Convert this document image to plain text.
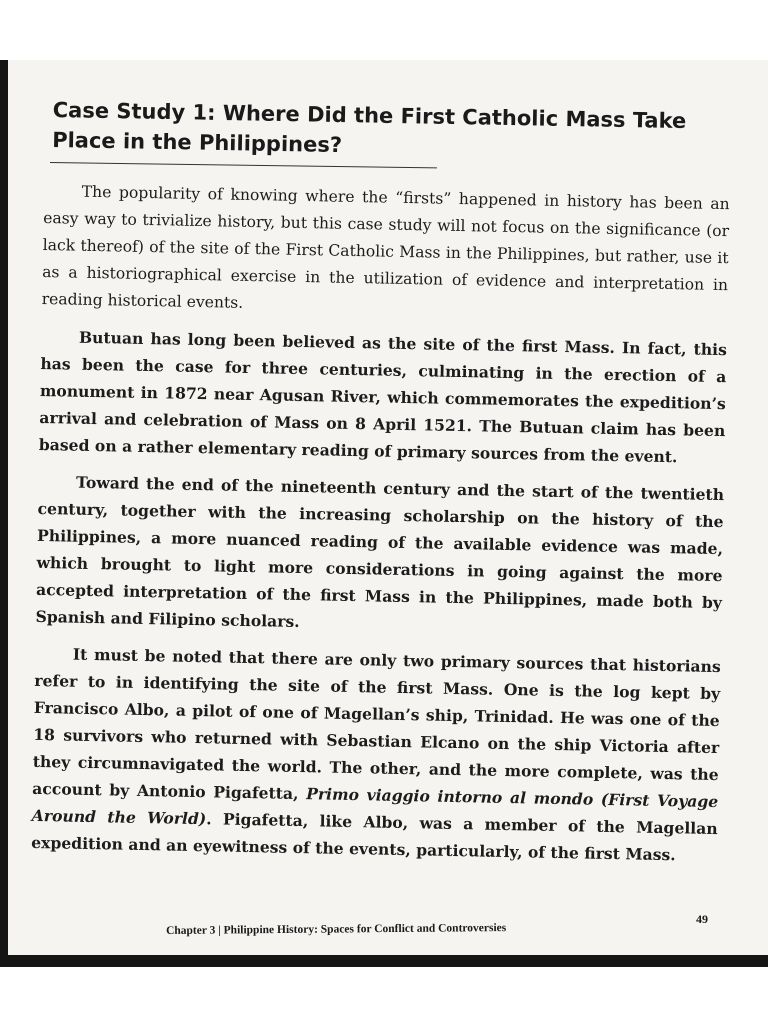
Case Study 1: Where Did the First Catholic Mass Take Place in the Philippines?

The popularity of knowing where the “firsts” happened in history has been an easy way to trivialize history, but this case study will not focus on the significance (or lack thereof) of the site of the First Catholic Mass in the Philippines, but rather, use it as a historiographical exercise in the utilization of evidence and interpretation in reading historical events.

Butuan has long been believed as the site of the first Mass. In fact, this has been the case for three centuries, culminating in the erection of a monument in 1872 near Agusan River, which commemorates the expedition’s arrival and celebration of Mass on 8 April 1521. The Butuan claim has been based on a rather elementary reading of primary sources from the event.

Toward the end of the nineteenth century and the start of the twentieth century, together with the increasing scholarship on the history of the Philippines, a more nuanced reading of the available evidence was made, which brought to light more considerations in going against the more accepted interpretation of the first Mass in the Philippines, made both by Spanish and Filipino scholars.

It must be noted that there are only two primary sources that historians refer to in identifying the site of the first Mass. One is the log kept by Francisco Albo, a pilot of one of Magellan’s ship, Trinidad. He was one of the 18 survivors who returned with Sebastian Elcano on the ship Victoria after they circumnavigated the world. The other, and the more complete, was the account by Antonio Pigafetta, Primo viaggio intorno al mondo (First Voyage Around the World). Pigafetta, like Albo, was a member of the Magellan expedition and an eyewitness of the events, particularly, of the first Mass.

Chapter 3 | Philippine History: Spaces for Conflict and Controversies
49
